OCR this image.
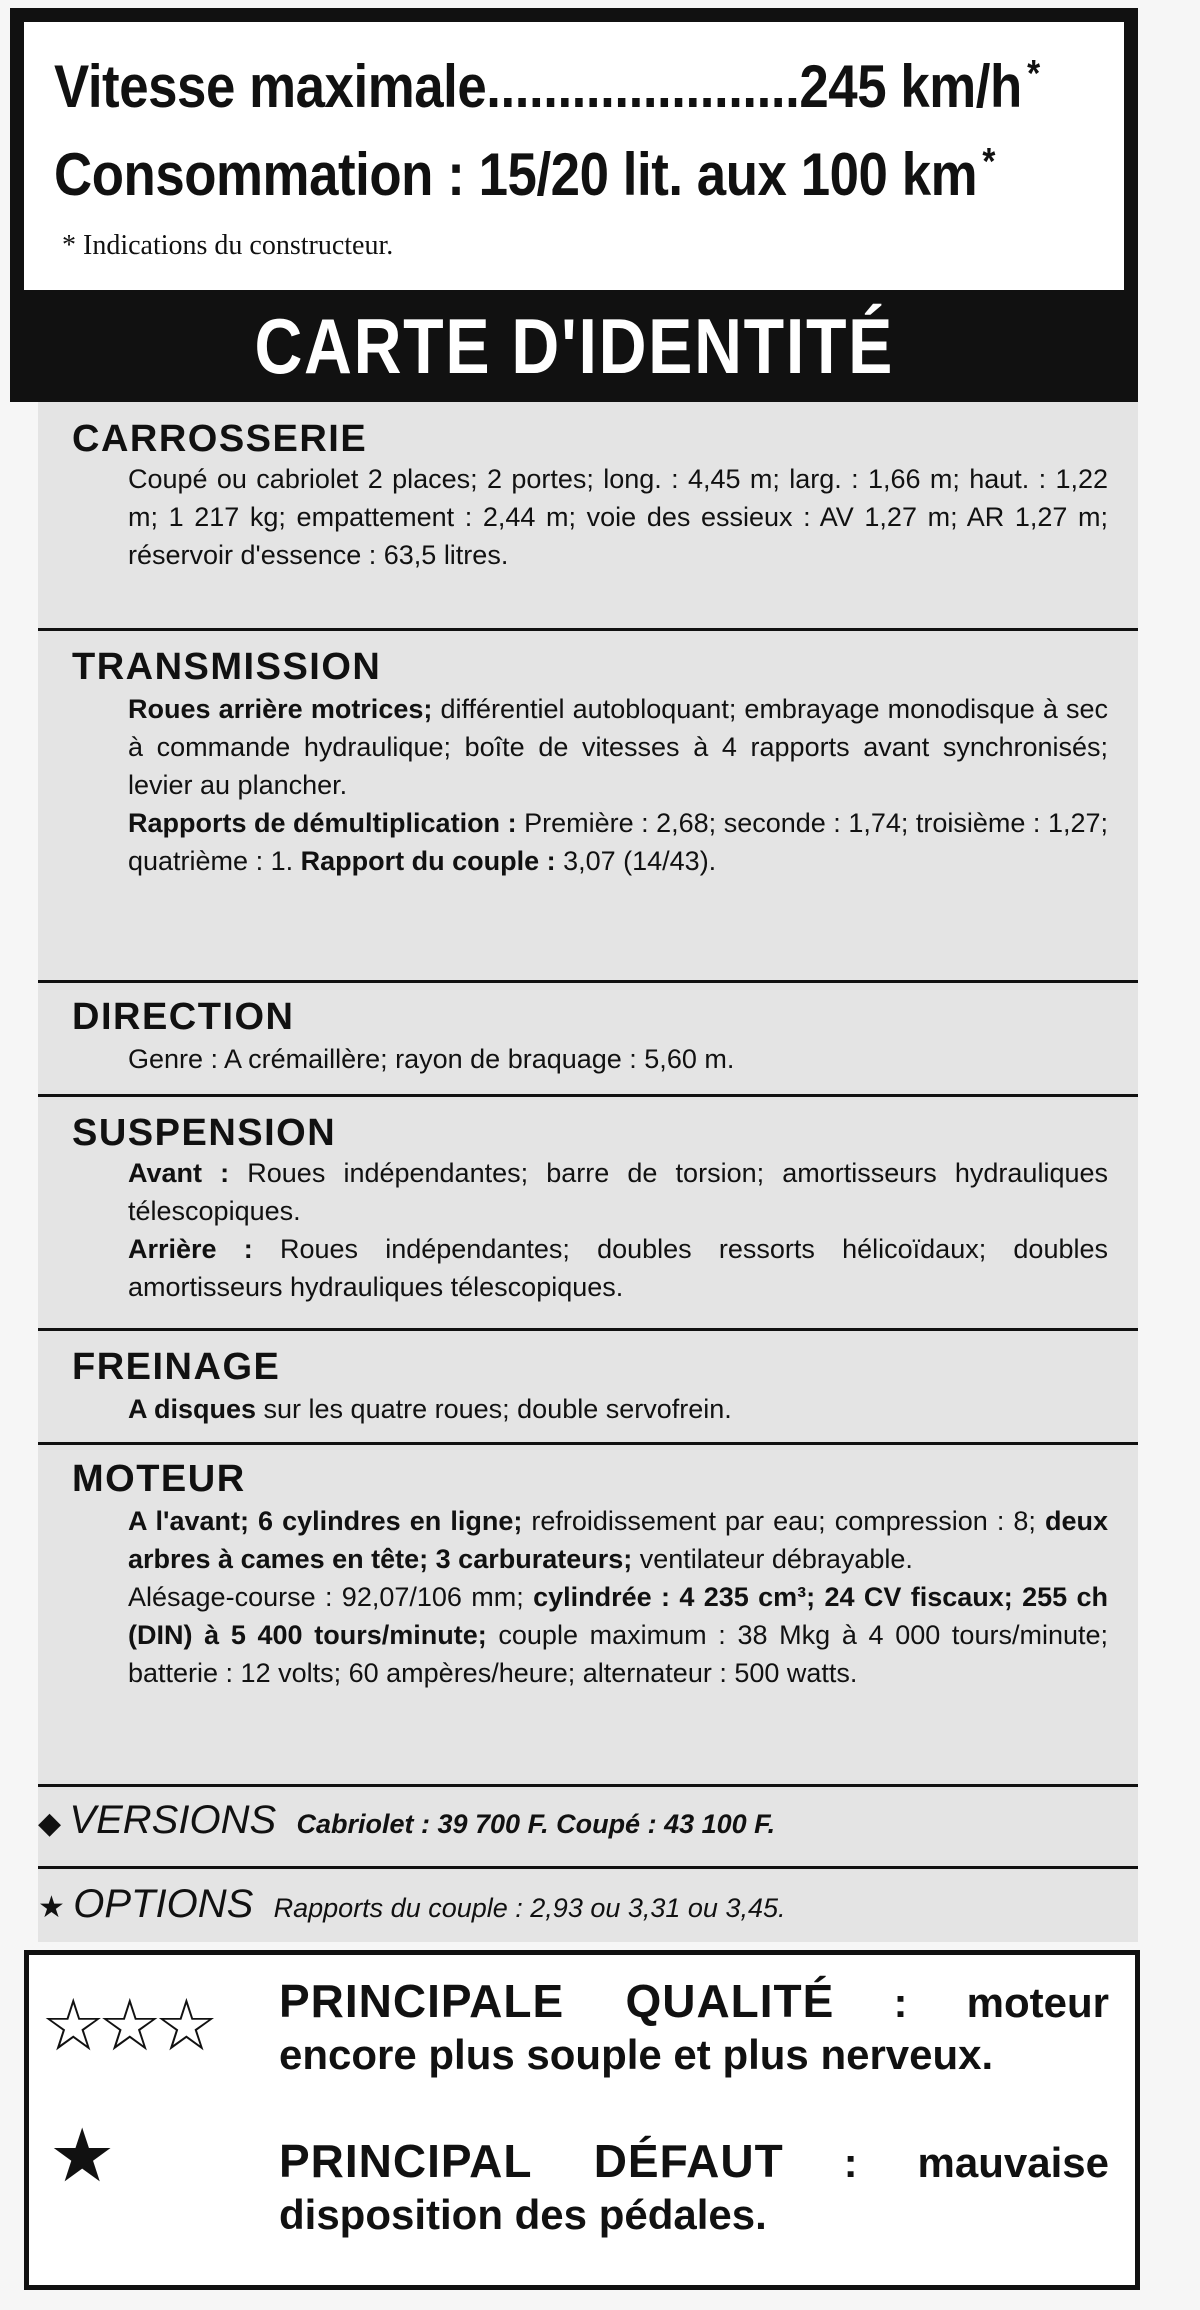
Vitesse maximale......................245 km/h *
Consommation : 15/20 lit. aux 100 km *
* Indications du constructeur.
CARTE D'IDENTITÉ
CARROSSERIE
Coupé ou cabriolet 2 places; 2 portes; long. : 4,45 m; larg. : 1,66 m; haut. : 1,22 m; 1 217 kg; empattement : 2,44 m; voie des essieux : AV 1,27 m; AR 1,27 m; réservoir d'essence : 63,5 litres.
TRANSMISSION

Roues arrière motrices; différentiel autobloquant; embrayage monodisque à sec à commande hydraulique; boîte de vitesses à 4 rapports avant synchronisés; levier au plancher.

Rapports de démultiplication : Première : 2,68; seconde : 1,74; troisième : 1,27; quatrième : 1. Rapport du couple : 3,07 (14/43).

DIRECTION
Genre : A crémaillère; rayon de braquage : 5,60 m.
SUSPENSION

Avant : Roues indépendantes; barre de torsion; amortisseurs hydrauliques télescopiques.

Arrière : Roues indépendantes; doubles ressorts hélicoïdaux; doubles amortisseurs hydrauliques télescopiques.

FREINAGE

A disques sur les quatre roues; double servofrein.

MOTEUR

A l'avant; 6 cylindres en ligne; refroidissement par eau; compression : 8; deux arbres à cames en tête; 3 carburateurs; ventilateur débrayable.

Alésage-course : 92,07/106 mm; cylindrée : 4 235 cm³; 24 CV fiscaux; 255 ch (DIN) à 5 400 tours/minute; couple maximum : 38 Mkg à 4 000 tours/minute; batterie : 12 volts; 60 ampères/heure; alternateur : 500 watts.

◆ VERSIONS Cabriolet : 39 700 F. Coupé : 43 100 F.
★ OPTIONS Rapports du couple : 2,93 ou 3,31 ou 3,45.
☆☆☆
★
PRINCIPALE QUALITÉ : moteur encore plus souple et plus nerveux.
PRINCIPAL DÉFAUT : mauvaise disposition des pédales.
